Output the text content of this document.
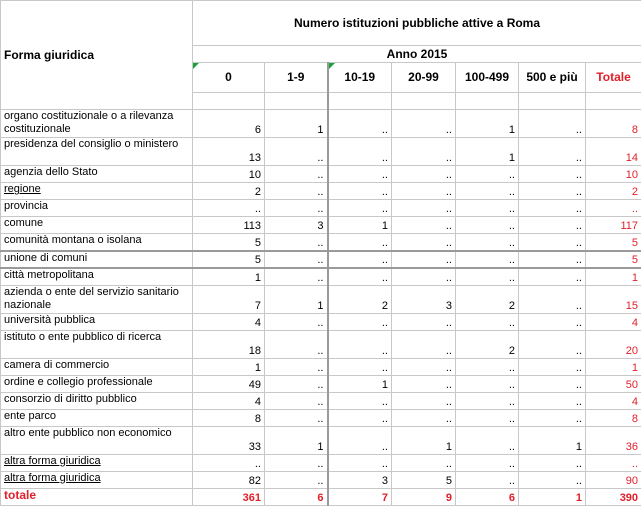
Forma giuridica	Numero istituzioni pubbliche attive a Roma						
	Anno 2015						

0	1-9	10-19	20-99	100-499	500 e più	Totale

organo costituzionale o a rilevanza costituzionale	6	1	..	..	1	..	8
presidenza del consiglio o ministero	13	..	..	..	1	..	14
agenzia dello Stato	10	..	..	..	..	..	10
regione	2	..	..	..	..	..	2
provincia	..	..	..	..	..	..	..
comune	113	3	1	..	..	..	117
comunità montana o isolana	5	..	..	..	..	..	5
unione di comuni	5	..	..	..	..	..	5
città metropolitana	1	..	..	..	..	..	1
azienda o ente del servizio sanitario nazionale	7	1	2	3	2	..	15
università pubblica	4	..	..	..	..	..	4
istituto o ente pubblico di ricerca	18	..	..	..	2	..	20
camera di commercio	1	..	..	..	..	..	1
ordine e collegio professionale	49	..	1	..	..	..	50
consorzio di diritto pubblico	4	..	..	..	..	..	4
ente parco	8	..	..	..	..	..	8
altro ente pubblico non economico	33	1	..	1	..	1	36
altra forma giuridica	..	..	..	..	..	..	..
altra forma giuridica	82	..	3	5	..	..	90
totale	361	6	7	9	6	1	390
